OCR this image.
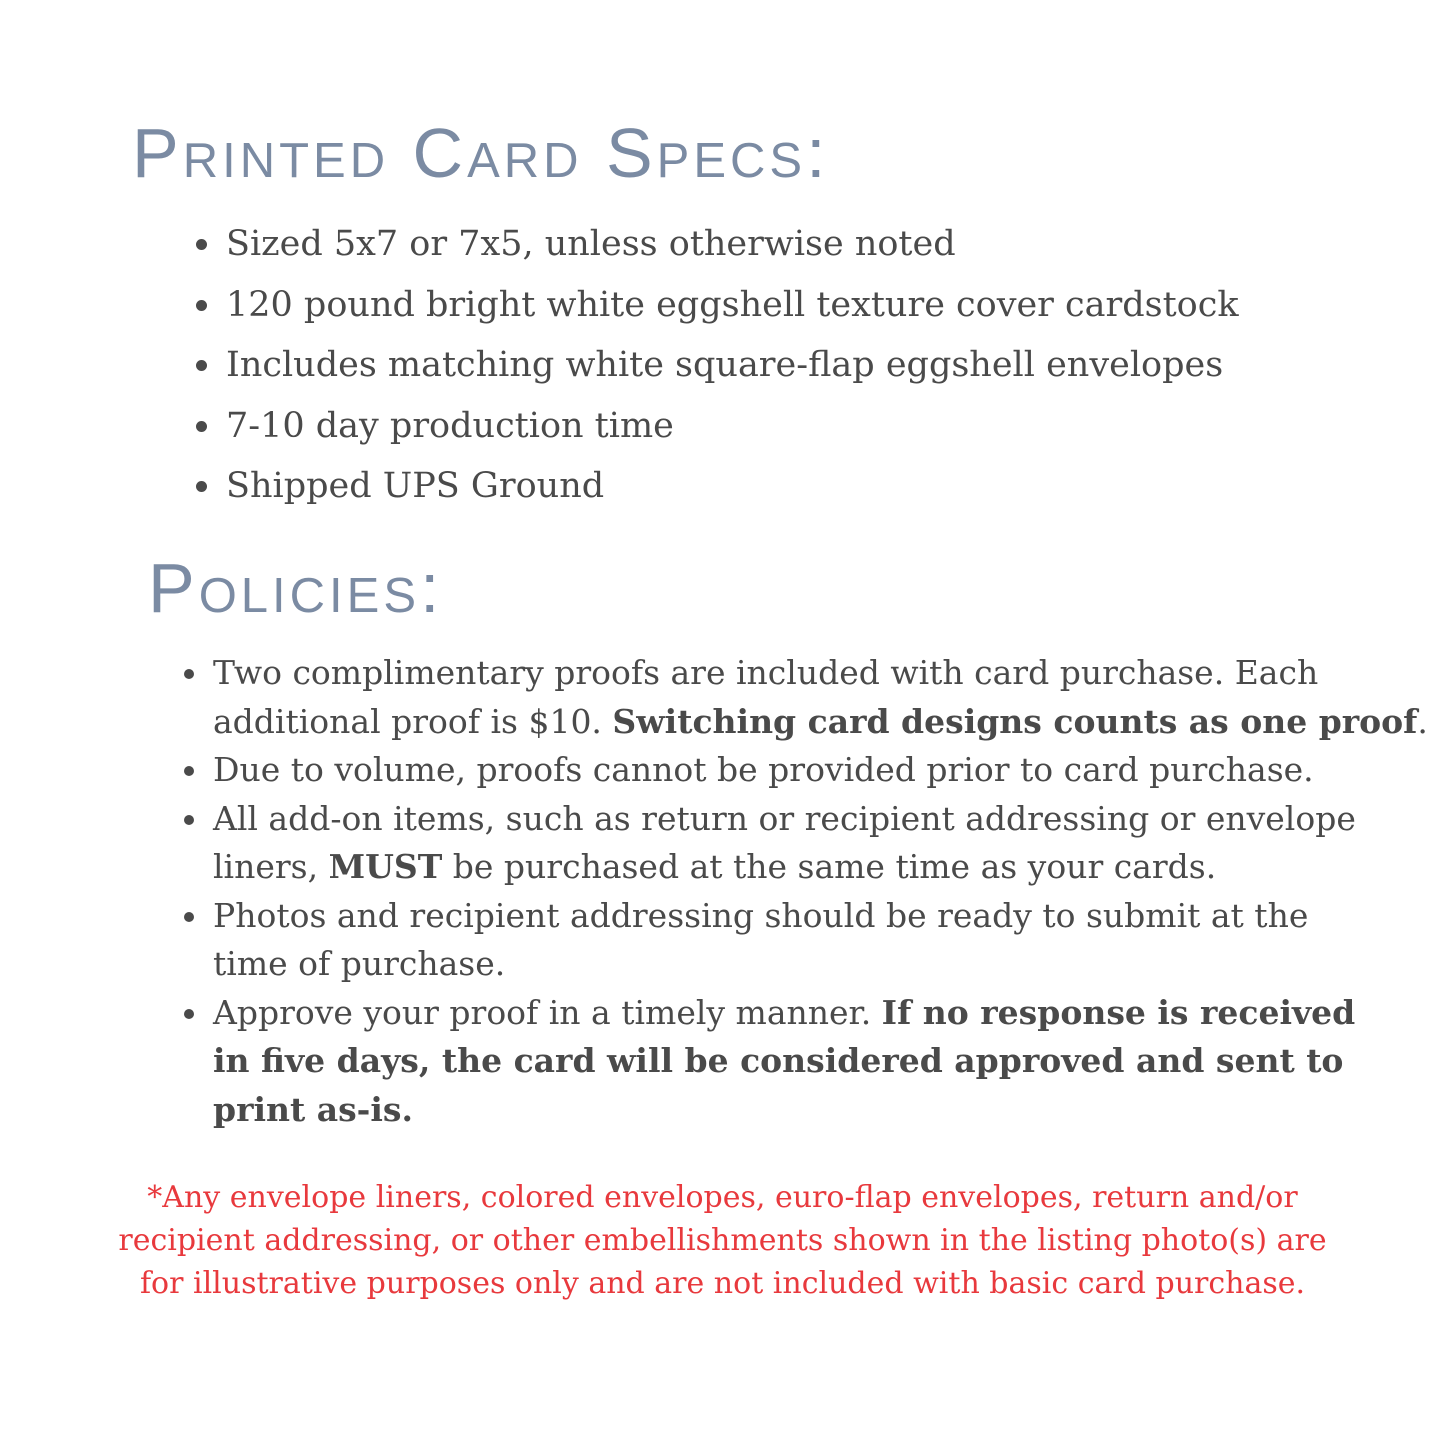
Printed Card Specs:
Sized 5x7 or 7x5, unless otherwise noted
120 pound bright white eggshell texture cover cardstock
Includes matching white square-flap eggshell envelopes
7-10 day production time
Shipped UPS Ground
Policies:
Two complimentary proofs are included with card purchase. Each
additional proof is $10. Switching card designs counts as one proof.
Due to volume, proofs cannot be provided prior to card purchase.
All add-on items, such as return or recipient addressing or envelope
liners, MUST be purchased at the same time as your cards.
Photos and recipient addressing should be ready to submit at the
time of purchase.
Approve your proof in a timely manner. If no response is received
in five days, the card will be considered approved and sent to
print as-is.

*Any envelope liners, colored envelopes, euro-flap envelopes, return and/or
recipient addressing, or other embellishments shown in the listing photo(s) are
for illustrative purposes only and are not included with basic card purchase.
